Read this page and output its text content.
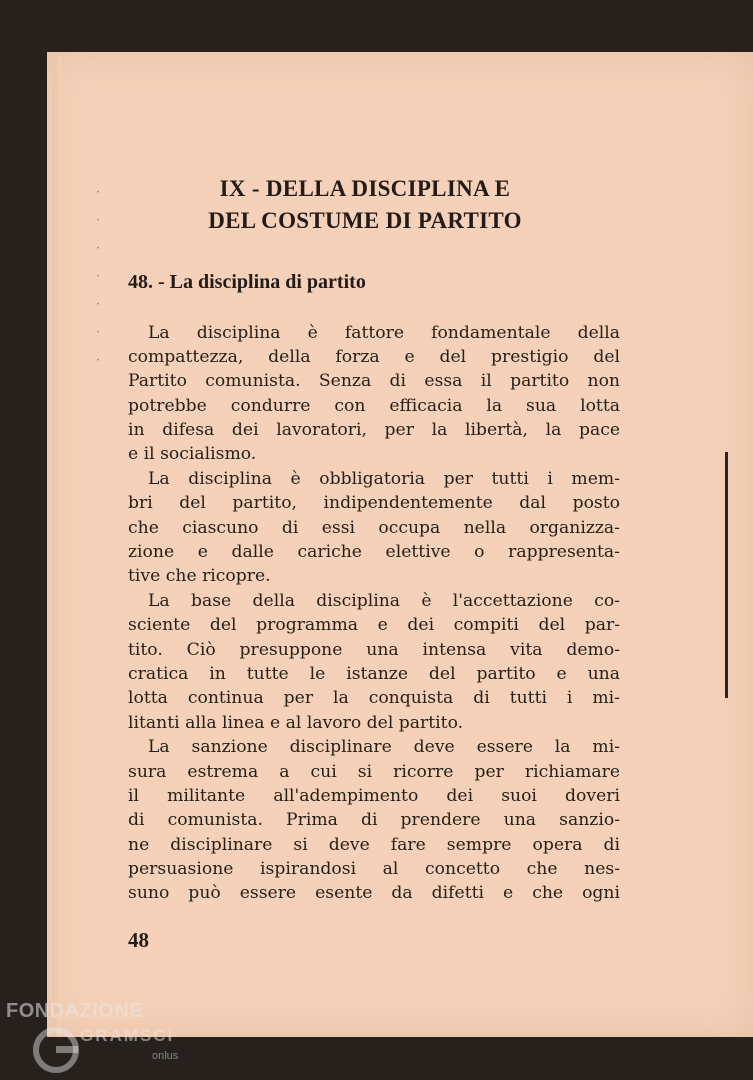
‧
‧
‧
‧
‧
‧
‧
IX - DELLA DISCIPLINA E
DEL COSTUME DI PARTITO
48. - La disciplina di partito
La disciplina è fattore fondamentale della
compattezza, della forza e del prestigio del
Partito comunista. Senza di essa il partito non
potrebbe condurre con efficacia la sua lotta
in difesa dei lavoratori, per la libertà, la pace
e il socialismo.
La disciplina è obbligatoria per tutti i mem-
bri del partito, indipendentemente dal posto
che ciascuno di essi occupa nella organizza-
zione e dalle cariche elettive o rappresenta-
tive che ricopre.
La base della disciplina è l'accettazione co-
sciente del programma e dei compiti del par-
tito. Ciò presuppone una intensa vita demo-
cratica in tutte le istanze del partito e una
lotta continua per la conquista di tutti i mi-
litanti alla linea e al lavoro del partito.
La sanzione disciplinare deve essere la mi-
sura estrema a cui si ricorre per richiamare
il militante all'adempimento dei suoi doveri
di comunista. Prima di prendere una sanzio-
ne disciplinare si deve fare sempre opera di
persuasione ispirandosi al concetto che nes-
suno può essere esente da difetti e che ogni
48
FONDAZIONE
GRAMSCI
onlus
